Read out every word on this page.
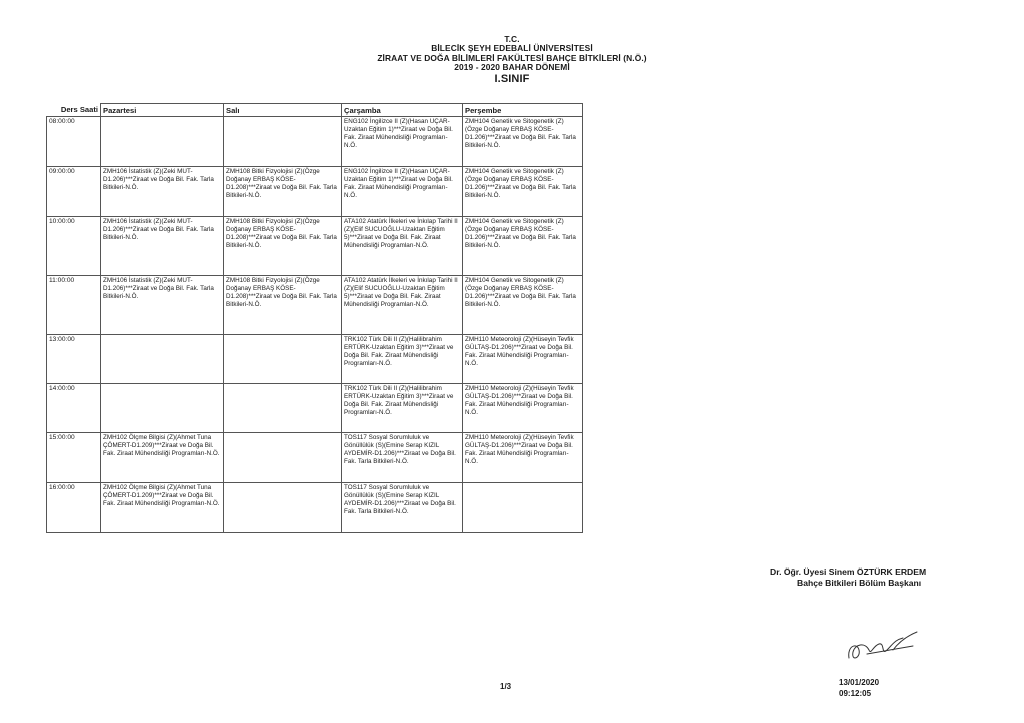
T.C.
BİLECİK ŞEYH EDEBALİ ÜNİVERSİTESİ
ZİRAAT VE DOĞA BİLİMLERİ FAKÜLTESİ BAHÇE BİTKİLERİ (N.Ö.)
2019 - 2020 BAHAR DÖNEMİ
I.SINIF
Ders Saati	Pazartesi	Salı	Çarşamba	Perşembe
08:00:00			ENG102 İngilizce II (Z)(Hasan UÇAR-Uzaktan Eğitim 1)***Ziraat ve Doğa Bil. Fak. Ziraat Mühendisliği Programları-N.Ö.	ZMH104 Genetik ve Sitogenetik (Z)(Özge Doğanay ERBAŞ KÖSE-D1.206)***Ziraat ve Doğa Bil. Fak. Tarla Bitkileri-N.Ö.
09:00:00	ZMH106 İstatistik (Z)(Zeki MUT-D1.206)***Ziraat ve Doğa Bil. Fak. Tarla Bitkileri-N.Ö.	ZMH108 Bitki Fizyolojisi (Z)(Özge Doğanay ERBAŞ KÖSE-D1.208)***Ziraat ve Doğa Bil. Fak. Tarla Bitkileri-N.Ö.	ENG102 İngilizce II (Z)(Hasan UÇAR-Uzaktan Eğitim 1)***Ziraat ve Doğa Bil. Fak. Ziraat Mühendisliği Programları-N.Ö.	ZMH104 Genetik ve Sitogenetik (Z)(Özge Doğanay ERBAŞ KÖSE-D1.206)***Ziraat ve Doğa Bil. Fak. Tarla Bitkileri-N.Ö.
10:00:00	ZMH106 İstatistik (Z)(Zeki MUT-D1.206)***Ziraat ve Doğa Bil. Fak. Tarla Bitkileri-N.Ö.	ZMH108 Bitki Fizyolojisi (Z)(Özge Doğanay ERBAŞ KÖSE-D1.208)***Ziraat ve Doğa Bil. Fak. Tarla Bitkileri-N.Ö.	ATA102 Atatürk İlkeleri ve İnkılap Tarihi II (Z)(Elif SUCUOĞLU-Uzaktan Eğitim 5)***Ziraat ve Doğa Bil. Fak. Ziraat Mühendisliği Programları-N.Ö.	ZMH104 Genetik ve Sitogenetik (Z)(Özge Doğanay ERBAŞ KÖSE-D1.206)***Ziraat ve Doğa Bil. Fak. Tarla Bitkileri-N.Ö.
11:00:00	ZMH106 İstatistik (Z)(Zeki MUT-D1.206)***Ziraat ve Doğa Bil. Fak. Tarla Bitkileri-N.Ö.	ZMH108 Bitki Fizyolojisi (Z)(Özge Doğanay ERBAŞ KÖSE-D1.208)***Ziraat ve Doğa Bil. Fak. Tarla Bitkileri-N.Ö.	ATA102 Atatürk İlkeleri ve İnkılap Tarihi II (Z)(Elif SUCUOĞLU-Uzaktan Eğitim 5)***Ziraat ve Doğa Bil. Fak. Ziraat Mühendisliği Programları-N.Ö.	ZMH104 Genetik ve Sitogenetik (Z)(Özge Doğanay ERBAŞ KÖSE-D1.206)***Ziraat ve Doğa Bil. Fak. Tarla Bitkileri-N.Ö.
13:00:00			TRK102 Türk Dili II (Z)(Halilibrahim ERTÜRK-Uzaktan Eğitim 3)***Ziraat ve Doğa Bil. Fak. Ziraat Mühendisliği Programları-N.Ö.	ZMH110 Meteoroloji (Z)(Hüseyin Tevfik GÜLTAŞ-D1.206)***Ziraat ve Doğa Bil. Fak. Ziraat Mühendisliği Programları-N.Ö.
14:00:00			TRK102 Türk Dili II (Z)(Halilibrahim ERTÜRK-Uzaktan Eğitim 3)***Ziraat ve Doğa Bil. Fak. Ziraat Mühendisliği Programları-N.Ö.	ZMH110 Meteoroloji (Z)(Hüseyin Tevfik GÜLTAŞ-D1.206)***Ziraat ve Doğa Bil. Fak. Ziraat Mühendisliği Programları-N.Ö.
15:00:00	ZMH102 Ölçme Bilgisi (Z)(Ahmet Tuna ÇÖMERT-D1.209)***Ziraat ve Doğa Bil. Fak. Ziraat Mühendisliği Programları-N.Ö.		TOS117 Sosyal Sorumluluk ve Gönüllülük (S)(Emine Serap KIZIL AYDEMİR-D1.206)***Ziraat ve Doğa Bil. Fak. Tarla Bitkileri-N.Ö.	ZMH110 Meteoroloji (Z)(Hüseyin Tevfik GÜLTAŞ-D1.206)***Ziraat ve Doğa Bil. Fak. Ziraat Mühendisliği Programları-N.Ö.
16:00:00	ZMH102 Ölçme Bilgisi (Z)(Ahmet Tuna ÇÖMERT-D1.209)***Ziraat ve Doğa Bil. Fak. Ziraat Mühendisliği Programları-N.Ö.		TOS117 Sosyal Sorumluluk ve Gönüllülük (S)(Emine Serap KIZIL AYDEMİR-D1.206)***Ziraat ve Doğa Bil. Fak. Tarla Bitkileri-N.Ö.	
Dr. Öğr. Üyesi Sinem ÖZTÜRK ERDEM
Bahçe Bitkileri Bölüm Başkanı
1/3	13/01/2020
09:12:05
